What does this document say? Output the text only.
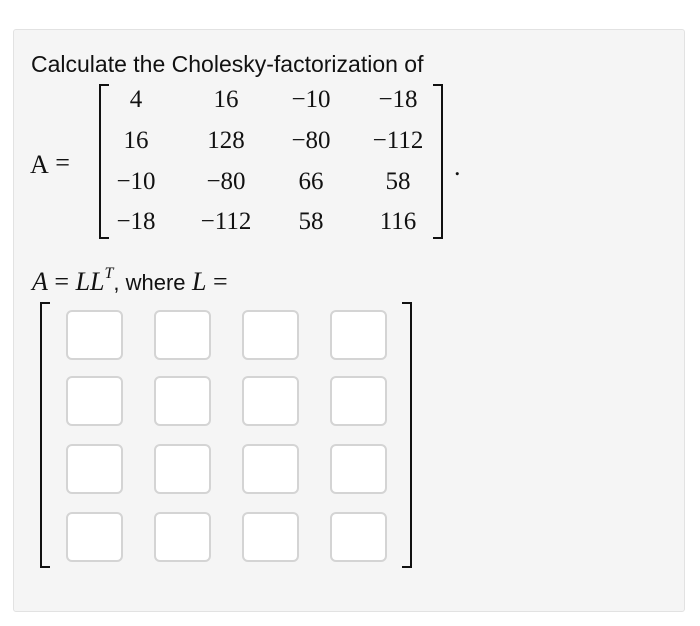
Calculate the Cholesky-factorization of
A =
4	16	−10	−18
16	128	−80	−112
−10	−80	66	58
−18	−112	58	116
.
$A = LL^T$, where L =
